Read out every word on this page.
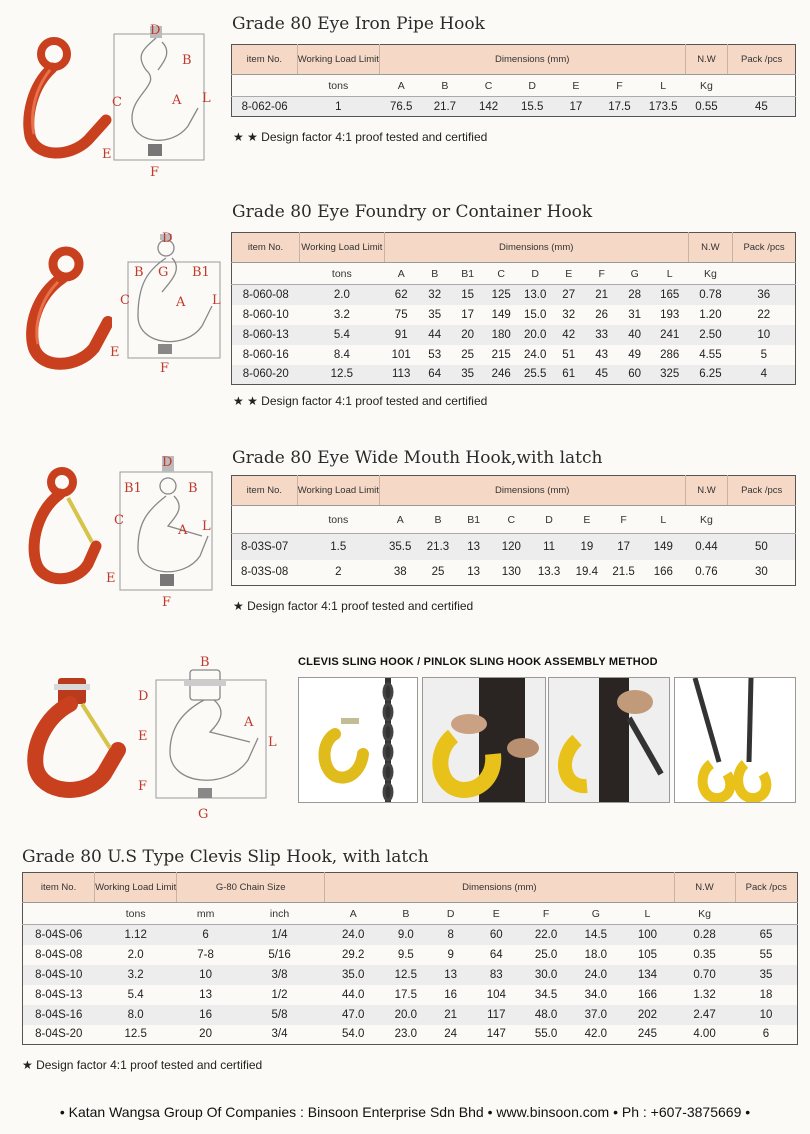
Grade 80 Eye Iron Pipe Hook
D
B
C	A L
E
F
item No.	Working Load Limit	Dimensions (mm)							N.W	Pack /pcs
	tons	A	B	C	D	E	F	L	Kg	
8-062-06	1	76.5	21.7	142	15.5	17	17.5	173.5	0.55	45
★ ★ Design factor 4:1 proof tested and certified
Grade 80 Eye Foundry or Container Hook
D
B G B1
C	A L
E
F
item No.	Working Load Limit	Dimensions (mm)									N.W	Pack /pcs
	tons	A	B	B1	C	D	E	F	G	L	Kg	
8-060-08	2.0	62	32	15	125	13.0	27	21	28	165	0.78	36
8-060-10	3.2	75	35	17	149	15.0	32	26	31	193	1.20	22
8-060-13	5.4	91	44	20	180	20.0	42	33	40	241	2.50	10
8-060-16	8.4	101	53	25	215	24.0	51	43	49	286	4.55	5
8-060-20	12.5	113	64	35	246	25.5	61	45	60	325	6.25	4
★ ★ Design factor 4:1 proof tested and certified
Grade 80 Eye Wide Mouth Hook,with latch
D
B1	B
C
A L
E
F
item No.	Working Load Limit	Dimensions (mm)								N.W	Pack /pcs
	tons	A	B	B1	C	D	E	F	L	Kg	
8-03S-07	1.5	35.5	21.3	13	120	11	19	17	149	0.44	50
8-03S-08	2	38	25	13	130	13.3	19.4	21.5	166	0.76	30
★ Design factor 4:1 proof tested and certified
B
D
E
A
L
F
G
CLEVIS SLING HOOK / PINLOK SLING HOOK ASSEMBLY METHOD
Grade 80 U.S Type Clevis Slip Hook, with latch
item No.	Working Load Limit	G-80 Chain Size		Dimensions (mm)							N.W	Pack /pcs
	tons	mm	inch	A	B	D	E	F	G	L	Kg	
8-04S-06	1.12	6	1/4	24.0	9.0	8	60	22.0	14.5	100	0.28	65
8-04S-08	2.0	7-8	5/16	29.2	9.5	9	64	25.0	18.0	105	0.35	55
8-04S-10	3.2	10	3/8	35.0	12.5	13	83	30.0	24.0	134	0.70	35
8-04S-13	5.4	13	1/2	44.0	17.5	16	104	34.5	34.0	166	1.32	18
8-04S-16	8.0	16	5/8	47.0	20.0	21	117	48.0	37.0	202	2.47	10
8-04S-20	12.5	20	3/4	54.0	23.0	24	147	55.0	42.0	245	4.00	6
★ Design factor 4:1 proof tested and certified
• Katan Wangsa Group Of Companies : Binsoon Enterprise Sdn Bhd • www.binsoon.com • Ph : +607-3875669 •
